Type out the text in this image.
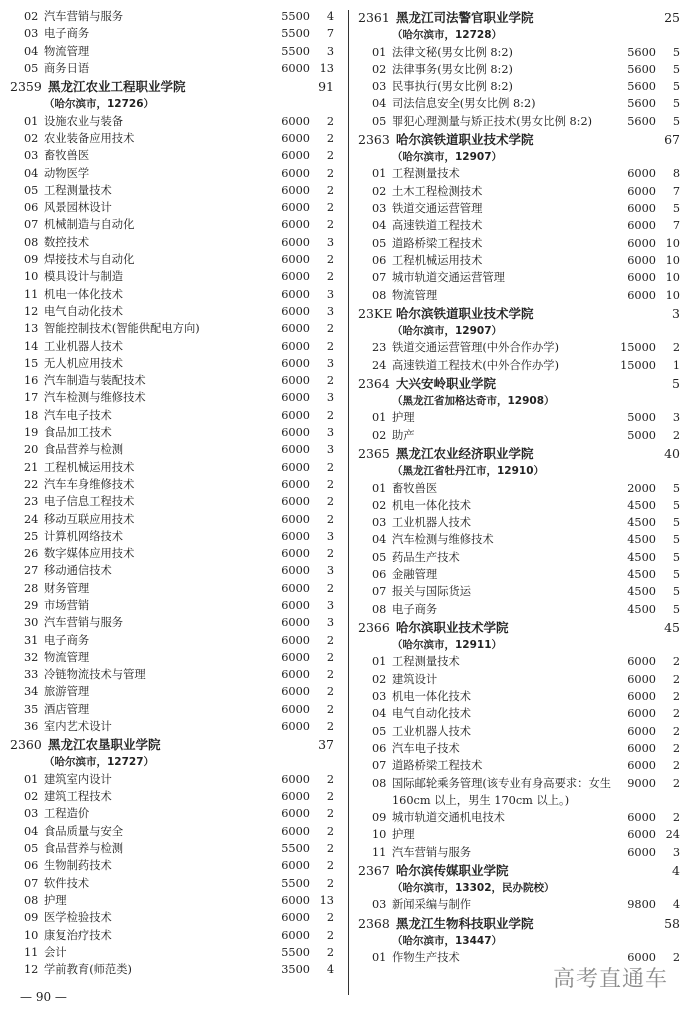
02 汽车营销与服务	5500 4
03 电子商务	5500 7
04 物流管理	5500 3
05 商务日语	6000 13
2359 黑龙江农业工程职业学院	91
（哈尔滨市，12726）
01 设施农业与装备	6000 2
02 农业装备应用技术	6000 2
03 畜牧兽医	6000 2
04 动物医学	6000 2
05 工程测量技术	6000 2
06 风景园林设计	6000 2
07 机械制造与自动化	6000 2
08 数控技术	6000 3
09 焊接技术与自动化	6000 2
10 模具设计与制造	6000 2
11 机电一体化技术	6000 3
12 电气自动化技术	6000 3
13 智能控制技术(智能供配电方向)	6000 2
14 工业机器人技术	6000 2
15 无人机应用技术	6000 3
16 汽车制造与装配技术	6000 2
17 汽车检测与维修技术	6000 3
18 汽车电子技术	6000 2
19 食品加工技术	6000 3
20 食品营养与检测	6000 3
21 工程机械运用技术	6000 2
22 汽车车身维修技术	6000 2
23 电子信息工程技术	6000 2
24 移动互联应用技术	6000 2
25 计算机网络技术	6000 3
26 数字媒体应用技术	6000 2
27 移动通信技术	6000 3
28 财务管理	6000 2
29 市场营销	6000 3
30 汽车营销与服务	6000 3
31 电子商务	6000 2
32 物流管理	6000 2
33 冷链物流技术与管理	6000 2
34 旅游管理	6000 2
35 酒店管理	6000 2
36 室内艺术设计	6000 2
2360 黑龙江农垦职业学院	37
（哈尔滨市，12727）
01 建筑室内设计	6000 2
02 建筑工程技术	6000 2
03 工程造价	6000 2
04 食品质量与安全	6000 2
05 食品营养与检测	5500 2
06 生物制药技术	6000 2
07 软件技术	5500 2
08 护理	6000 13
09 医学检验技术	6000 2
10 康复治疗技术	6000 2
11 会计	5500 2
12 学前教育(师范类)	3500 4
2361 黑龙江司法警官职业学院	25
（哈尔滨市，12728）
01 法律文秘(男女比例 8:2)	5600 5
02 法律事务(男女比例 8:2)	5600 5
03 民事执行(男女比例 8:2)	5600 5
04 司法信息安全(男女比例 8:2)	5600 5
05 罪犯心理测量与矫正技术(男女比例 8:2)	5600 5
2363 哈尔滨铁道职业技术学院	67
（哈尔滨市，12907）
01 工程测量技术	6000 8
02 土木工程检测技术	6000 7
03 铁道交通运营管理	6000 5
04 高速铁道工程技术	6000 7
05 道路桥梁工程技术	6000 10
06 工程机械运用技术	6000 10
07 城市轨道交通运营管理	6000 10
08 物流管理	6000 10
23KE 哈尔滨铁道职业技术学院	3
（哈尔滨市，12907）
23 铁道交通运营管理(中外合作办学)	15000 2
24 高速铁道工程技术(中外合作办学)	15000 1
2364 大兴安岭职业学院	5
（黑龙江省加格达奇市，12908）
01 护理	5000 3
02 助产	5000 2
2365 黑龙江农业经济职业学院	40
（黑龙江省牡丹江市，12910）
01 畜牧兽医	2000 5
02 机电一体化技术	4500 5
03 工业机器人技术	4500 5
04 汽车检测与维修技术	4500 5
05 药品生产技术	4500 5
06 金融管理	4500 5
07 报关与国际货运	4500 5
08 电子商务	4500 5
2366 哈尔滨职业技术学院	45
（哈尔滨市，12911）
01 工程测量技术	6000 2
02 建筑设计	6000 2
03 机电一体化技术	6000 2
04 电气自动化技术	6000 2
05 工业机器人技术	6000 2
06 汽车电子技术	6000 2
07 道路桥梁工程技术	6000 2
08 国际邮轮乘务管理(该专业有身高要求：女生 160cm 以上，男生 170cm 以上。)
9000 2
09 城市轨道交通机电技术	6000 2
10 护理	6000 24
11 汽车营销与服务	6000 3
2367 哈尔滨传媒职业学院	4
（哈尔滨市，13302，民办院校）
03 新闻采编与制作	9800 4
2368 黑龙江生物科技职业学院	58
（哈尔滨市，13447）
01 作物生产技术	6000 2
— 90 —
高考直通车
